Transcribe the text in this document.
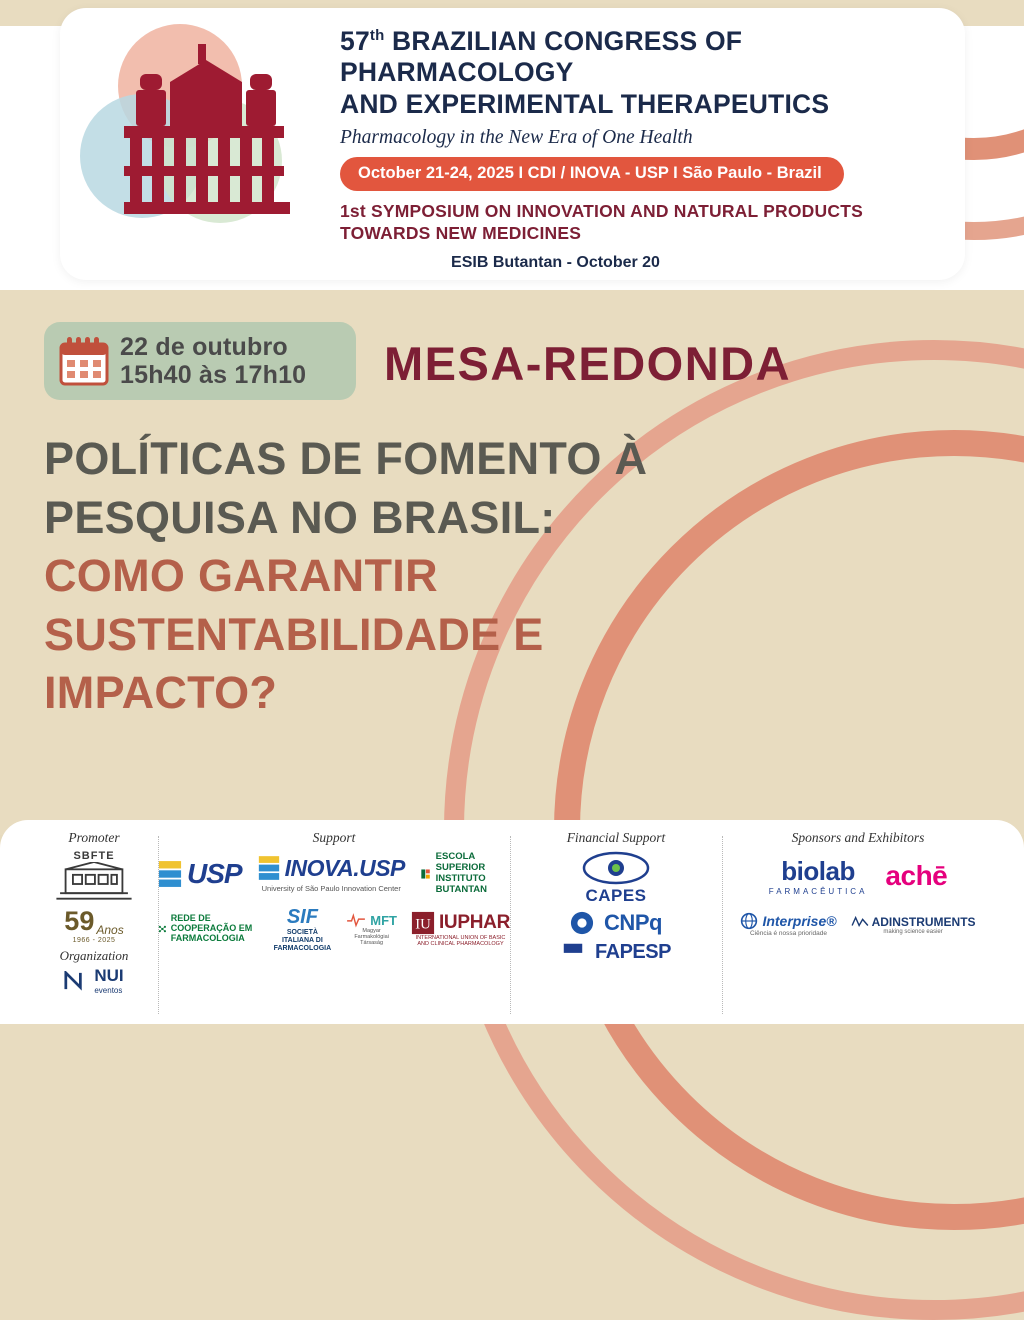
57th BRAZILIAN CONGRESS OF PHARMACOLOGY
AND EXPERIMENTAL THERAPEUTICS
Pharmacology in the New Era of One Health
October 21-24, 2025 I CDI / INOVA - USP I São Paulo - Brazil
1st SYMPOSIUM ON INNOVATION AND NATURAL PRODUCTS
TOWARDS NEW MEDICINES
ESIB Butantan - October 20
22 de outubro
15h40 às 17h10 MESA-REDONDA
POLÍTICAS DE FOMENTO À
PESQUISA NO BRASIL:
COMO GARANTIR
SUSTENTABILIDADE E
IMPACTO?
Promoter
SBFTE
59 Anos
1966 - 2025
Organization
NUI
eventos
Support
USP INOVA.USP
University of São Paulo Innovation Center
ESCOLA SUPERIOR INSTITUTO BUTANTAN
REDE DE COOPERAÇÃO EM FARMACOLOGIA
SIF
SOCIETÀ ITALIANA DI FARMACOLOGIA
MFT
Magyar Farmakológiai Társaság
IU IUPHAR
INTERNATIONAL UNION OF BASIC AND CLINICAL PHARMACOLOGY
Financial Support
CAPES
CNPq
FAPESP
Sponsors and Exhibitors
biolab
FARMACÊUTICA
achē
Interprise®
Ciência é nossa prioridade
ADINSTRUMENTS
making science easier
